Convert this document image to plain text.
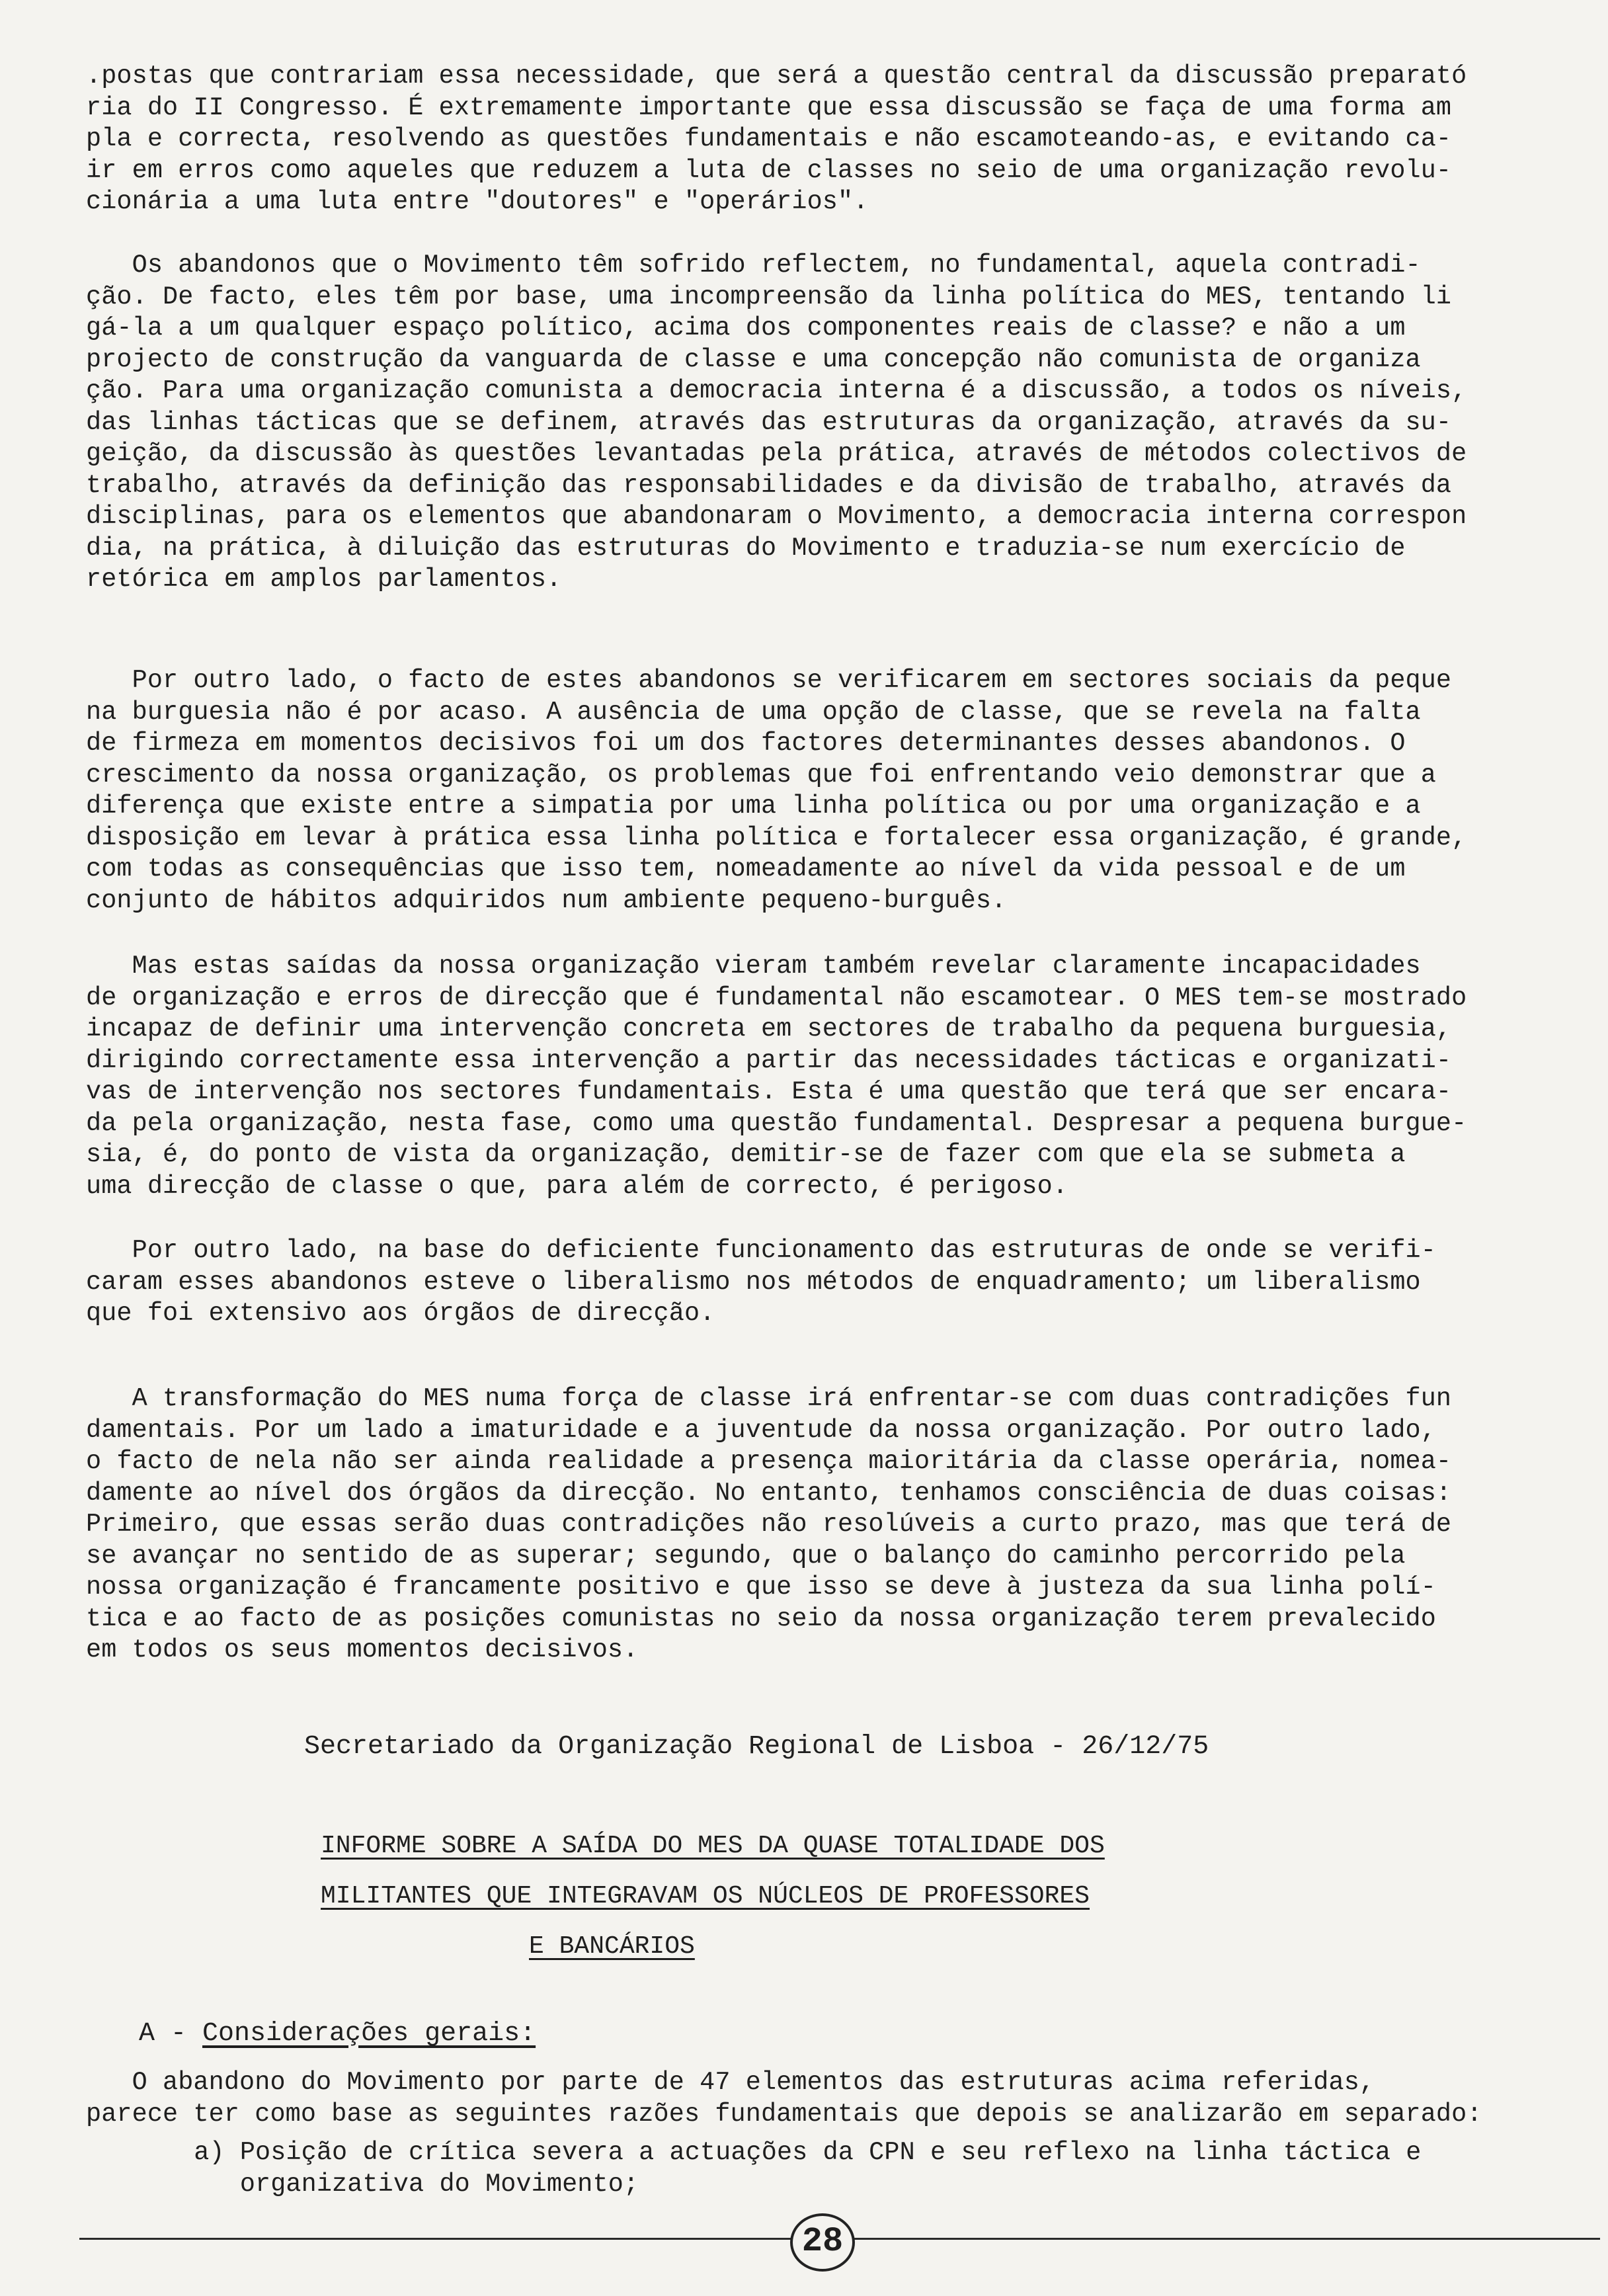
.postas que contrariam essa necessidade, que será a questão central da discussão preparató
ria do II Congresso. É extremamente importante que essa discussão se faça de uma forma am
pla e correcta, resolvendo as questões fundamentais e não escamoteando-as, e evitando ca-
ir em erros como aqueles que reduzem a luta de classes no seio de uma organização revolu-
cionária a uma luta entre "doutores" e "operários".

Os abandonos que o Movimento têm sofrido reflectem, no fundamental, aquela contradi-
ção. De facto, eles têm por base, uma incompreensão da linha política do MES, tentando li
gá-la a um qualquer espaço político, acima dos componentes reais de classe? e não a um
projecto de construção da vanguarda de classe e uma concepção não comunista de organiza
ção. Para uma organização comunista a democracia interna é a discussão, a todos os níveis,
das linhas tácticas que se definem, através das estruturas da organização, através da su-
geição, da discussão às questões levantadas pela prática, através de métodos colectivos de
trabalho, através da definição das responsabilidades e da divisão de trabalho, através da
disciplinas, para os elementos que abandonaram o Movimento, a democracia interna correspon
dia, na prática, à diluição das estruturas do Movimento e traduzia-se num exercício de
retórica em amplos parlamentos.

Por outro lado, o facto de estes abandonos se verificarem em sectores sociais da peque
na burguesia não é por acaso. A ausência de uma opção de classe, que se revela na falta
de firmeza em momentos decisivos foi um dos factores determinantes desses abandonos. O
crescimento da nossa organização, os problemas que foi enfrentando veio demonstrar que a
diferença que existe entre a simpatia por uma linha política ou por uma organização e a
disposição em levar à prática essa linha política e fortalecer essa organização, é grande,
com todas as consequências que isso tem, nomeadamente ao nível da vida pessoal e de um
conjunto de hábitos adquiridos num ambiente pequeno-burguês.

Mas estas saídas da nossa organização vieram também revelar claramente incapacidades
de organização e erros de direcção que é fundamental não escamotear. O MES tem-se mostrado
incapaz de definir uma intervenção concreta em sectores de trabalho da pequena burguesia,
dirigindo correctamente essa intervenção a partir das necessidades tácticas e organizati-
vas de intervenção nos sectores fundamentais. Esta é uma questão que terá que ser encara-
da pela organização, nesta fase, como uma questão fundamental. Despresar a pequena burgue-
sia, é, do ponto de vista da organização, demitir-se de fazer com que ela se submeta a
uma direcção de classe o que, para além de correcto, é perigoso.

Por outro lado, na base do deficiente funcionamento das estruturas de onde se verifi-
caram esses abandonos esteve o liberalismo nos métodos de enquadramento; um liberalismo
que foi extensivo aos órgãos de direcção.

A transformação do MES numa força de classe irá enfrentar-se com duas contradições fun
damentais. Por um lado a imaturidade e a juventude da nossa organização. Por outro lado,
o facto de nela não ser ainda realidade a presença maioritária da classe operária, nomea-
damente ao nível dos órgãos da direcção. No entanto, tenhamos consciência de duas coisas:
Primeiro, que essas serão duas contradições não resolúveis a curto prazo, mas que terá de
se avançar no sentido de as superar; segundo, que o balanço do caminho percorrido pela
nossa organização é francamente positivo e que isso se deve à justeza da sua linha polí-
tica e ao facto de as posições comunistas no seio da nossa organização terem prevalecido
em todos os seus momentos decisivos.

Secretariado da Organização Regional de Lisboa - 26/12/75
INFORME SOBRE A SAÍDA DO MES DA QUASE TOTALIDADE DOS
MILITANTES QUE INTEGRAVAM OS NÚCLEOS DE PROFESSORES
E BANCÁRIOS
A - Considerações gerais:

O abandono do Movimento por parte de 47 elementos das estruturas acima referidas,
parece ter como base as seguintes razões fundamentais que depois se analizarão em separado:

a) Posição de crítica severa a actuações da CPN e seu reflexo na linha táctica e
organizativa do Movimento;

28
